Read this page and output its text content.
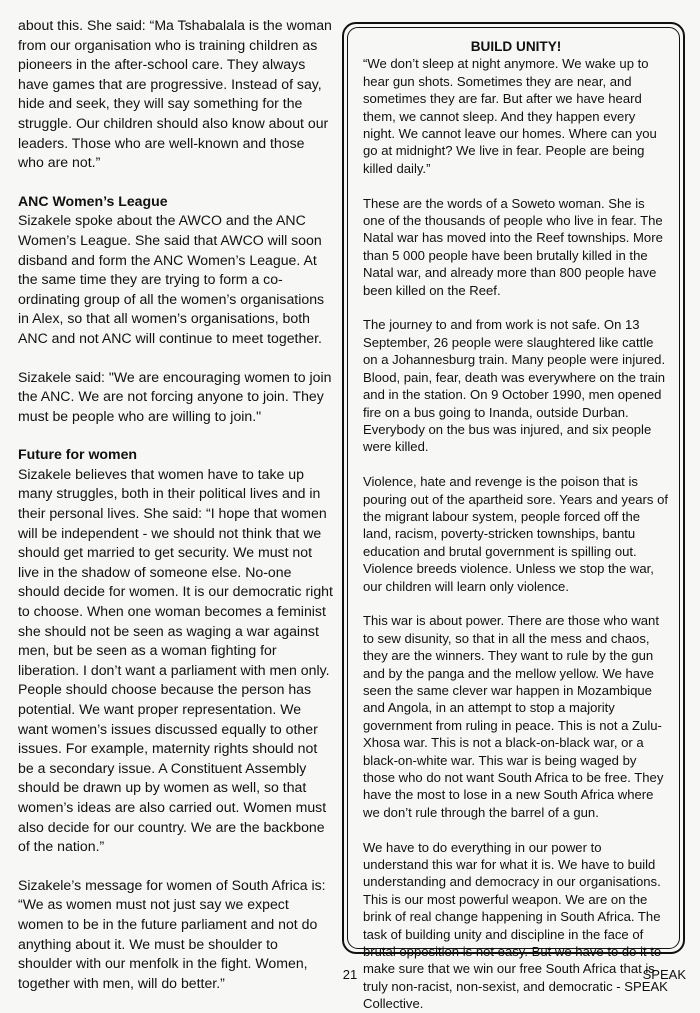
about this. She said: “Ma Tshabalala is the woman from our organisation who is training children as pioneers in the after-school care. They always have games that are progressive. Instead of say, hide and seek, they will say something for the struggle. Our children should also know about our leaders. Those who are well-known and those who are not.”

ANC Women’s League

Sizakele spoke about the AWCO and the ANC Women’s League. She said that AWCO will soon disband and form the ANC Women’s League. At the same time they are trying to form a co-ordinating group of all the women’s organisations in Alex, so that all women’s organisations, both ANC and not ANC will continue to meet together.

Sizakele said: "We are encouraging women to join the ANC. We are not forcing anyone to join. They must be people who are willing to join."

Future for women

Sizakele believes that women have to take up many struggles, both in their political lives and in their personal lives. She said: “I hope that women will be independent - we should not think that we should get married to get security. We must not live in the shadow of someone else. No-one should decide for women. It is our democratic right to choose. When one woman becomes a feminist she should not be seen as waging a war against men, but be seen as a woman fighting for liberation. I don’t want a parliament with men only. People should choose because the person has potential. We want proper representation. We want women’s issues discussed equally to other issues. For example, maternity rights should not be a secondary issue. A Constituent Assembly should be drawn up by women as well, so that women’s ideas are also carried out. Women must also decide for our country. We are the backbone of the nation.”

Sizakele’s message for women of South Africa is: “We as women must not just say we expect women to be in the future parliament and not do anything about it. We must be shoulder to shoulder with our menfolk in the fight. Women, together with men, will do better.”

BUILD UNITY!

“We don’t sleep at night anymore. We wake up to hear gun shots. Sometimes they are near, and sometimes they are far. But after we have heard them, we cannot sleep. And they happen every night. We cannot leave our homes. Where can you go at midnight? We live in fear. People are being killed daily.”

These are the words of a Soweto woman. She is one of the thousands of people who live in fear. The Natal war has moved into the Reef townships. More than 5 000 people have been brutally killed in the Natal war, and already more than 800 people have been killed on the Reef.

The journey to and from work is not safe. On 13 September, 26 people were slaughtered like cattle on a Johannesburg train. Many people were injured. Blood, pain, fear, death was everywhere on the train and in the station. On 9 October 1990, men opened fire on a bus going to Inanda, outside Durban. Everybody on the bus was injured, and six people were killed.

Violence, hate and revenge is the poison that is pouring out of the apartheid sore. Years and years of the migrant labour system, people forced off the land, racism, poverty-stricken townships, bantu education and brutal government is spilling out. Violence breeds violence. Unless we stop the war, our children will learn only violence.

This war is about power. There are those who want to sew disunity, so that in all the mess and chaos, they are the winners. They want to rule by the gun and by the panga and the mellow yellow. We have seen the same clever war happen in Mozambique and Angola, in an attempt to stop a majority government from ruling in peace. This is not a Zulu-Xhosa war. This is not a black-on-black war, or a black-on-white war. This war is being waged by those who do not want South Africa to be free. They have the most to lose in a new South Africa where we don’t rule through the barrel of a gun.

We have to do everything in our power to understand this war for what it is. We have to build understanding and democracy in our organisations. This is our most powerful weapon. We are on the brink of real change happening in South Africa. The task of building unity and discipline in the face of brutal opposition is not easy. But we have to do it to make sure that we win our free South Africa that is truly non-racist, non-sexist, and democratic - SPEAK Collective.

21	SPEAK
